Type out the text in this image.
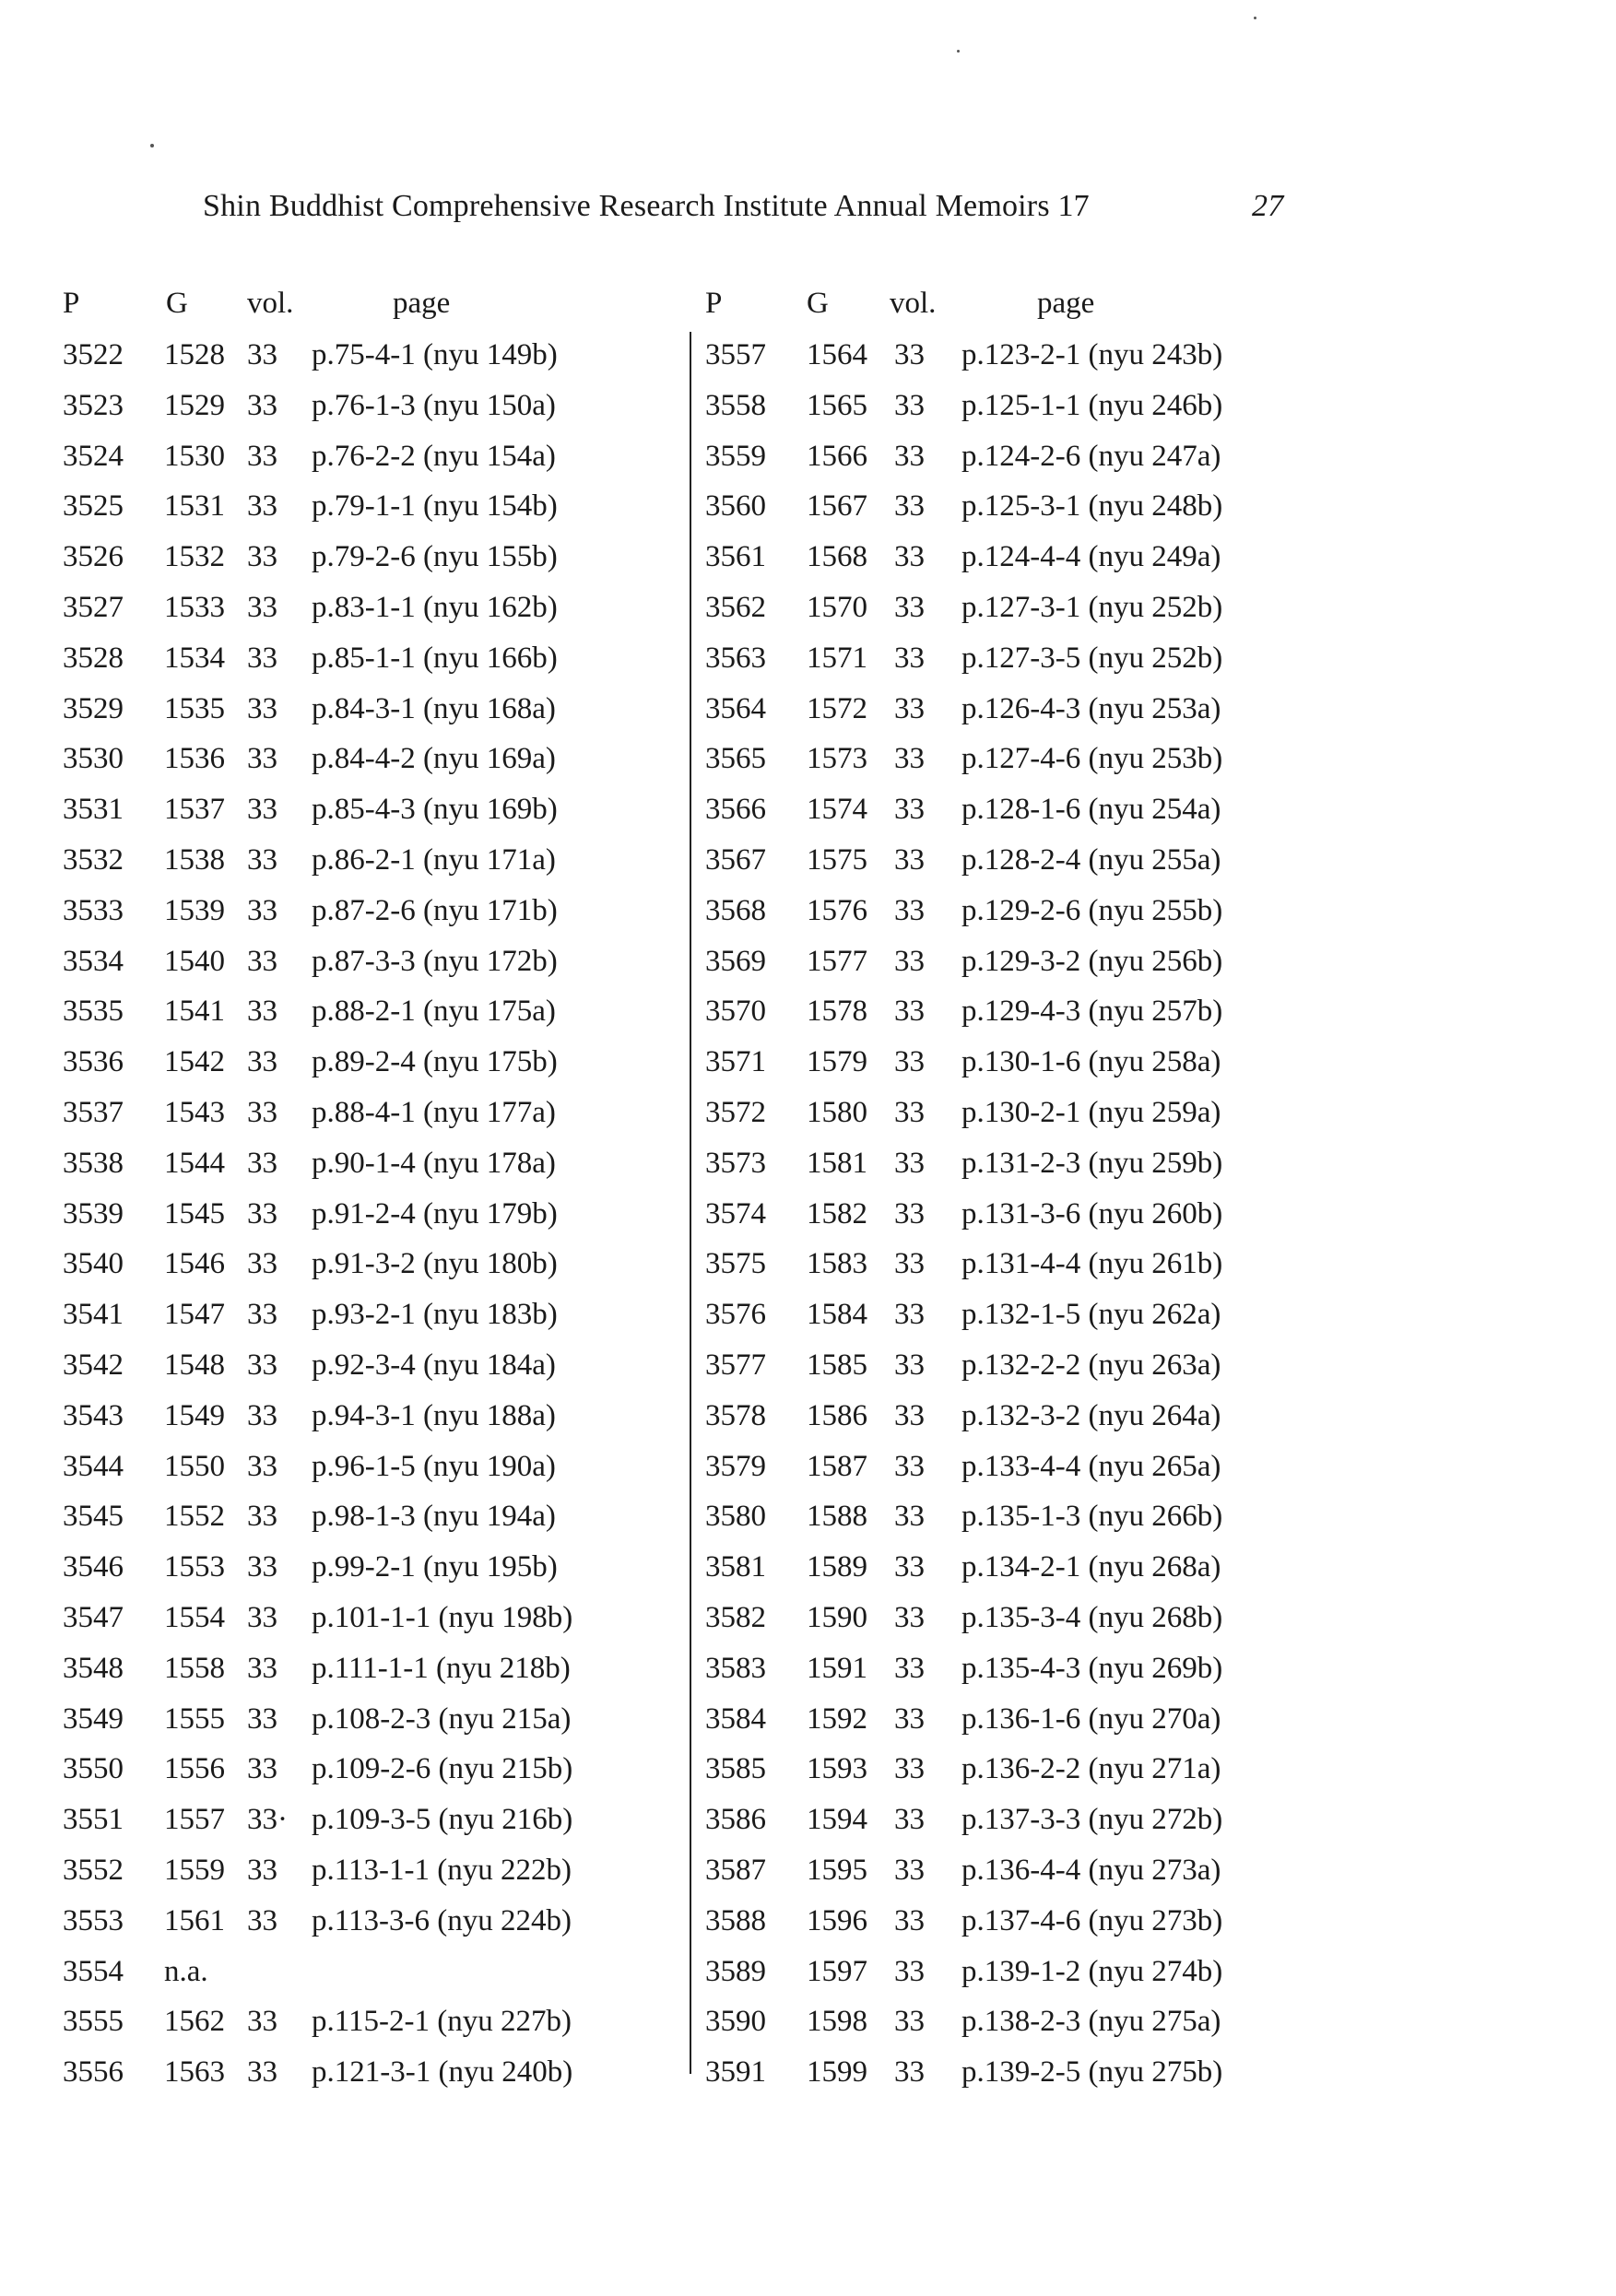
Shin Buddhist Comprehensive Research Institute Annual Memoirs 17	27
P	G vol.	page
3522 1528 33 p.75-4-1 (nyu 149b)
3523 1529 33 p.76-1-3 (nyu 150a)
3524 1530 33 p.76-2-2 (nyu 154a)
3525 1531 33 p.79-1-1 (nyu 154b)
3526 1532 33 p.79-2-6 (nyu 155b)
3527 1533 33 p.83-1-1 (nyu 162b)
3528 1534 33 p.85-1-1 (nyu 166b)
3529 1535 33 p.84-3-1 (nyu 168a)
3530 1536 33 p.84-4-2 (nyu 169a)
3531 1537 33 p.85-4-3 (nyu 169b)
3532 1538 33 p.86-2-1 (nyu 171a)
3533 1539 33 p.87-2-6 (nyu 171b)
3534 1540 33 p.87-3-3 (nyu 172b)
3535 1541 33 p.88-2-1 (nyu 175a)
3536 1542 33 p.89-2-4 (nyu 175b)
3537 1543 33 p.88-4-1 (nyu 177a)
3538 1544 33 p.90-1-4 (nyu 178a)
3539 1545 33 p.91-2-4 (nyu 179b)
3540 1546 33 p.91-3-2 (nyu 180b)
3541 1547 33 p.93-2-1 (nyu 183b)
3542 1548 33 p.92-3-4 (nyu 184a)
3543 1549 33 p.94-3-1 (nyu 188a)
3544 1550 33 p.96-1-5 (nyu 190a)
3545 1552 33 p.98-1-3 (nyu 194a)
3546 1553 33 p.99-2-1 (nyu 195b)
3547 1554 33 p.101-1-1 (nyu 198b)
3548 1558 33 p.111-1-1 (nyu 218b)
3549 1555 33 p.108-2-3 (nyu 215a)
3550 1556 33 p.109-2-6 (nyu 215b)
3551 1557 33· p.109-3-5 (nyu 216b)
3552 1559 33 p.113-1-1 (nyu 222b)
3553 1561 33 p.113-3-6 (nyu 224b)
3554 n.a.
3555 1562 33 p.115-2-1 (nyu 227b)
3556 1563 33 p.121-3-1 (nyu 240b)
P	G vol.	page
3557 1564 33 p.123-2-1 (nyu 243b)
3558 1565 33 p.125-1-1 (nyu 246b)
3559 1566 33 p.124-2-6 (nyu 247a)
3560 1567 33 p.125-3-1 (nyu 248b)
3561 1568 33 p.124-4-4 (nyu 249a)
3562 1570 33 p.127-3-1 (nyu 252b)
3563 1571 33 p.127-3-5 (nyu 252b)
3564 1572 33 p.126-4-3 (nyu 253a)
3565 1573 33 p.127-4-6 (nyu 253b)
3566 1574 33 p.128-1-6 (nyu 254a)
3567 1575 33 p.128-2-4 (nyu 255a)
3568 1576 33 p.129-2-6 (nyu 255b)
3569 1577 33 p.129-3-2 (nyu 256b)
3570 1578 33 p.129-4-3 (nyu 257b)
3571 1579 33 p.130-1-6 (nyu 258a)
3572 1580 33 p.130-2-1 (nyu 259a)
3573 1581 33 p.131-2-3 (nyu 259b)
3574 1582 33 p.131-3-6 (nyu 260b)
3575 1583 33 p.131-4-4 (nyu 261b)
3576 1584 33 p.132-1-5 (nyu 262a)
3577 1585 33 p.132-2-2 (nyu 263a)
3578 1586 33 p.132-3-2 (nyu 264a)
3579 1587 33 p.133-4-4 (nyu 265a)
3580 1588 33 p.135-1-3 (nyu 266b)
3581 1589 33 p.134-2-1 (nyu 268a)
3582 1590 33 p.135-3-4 (nyu 268b)
3583 1591 33 p.135-4-3 (nyu 269b)
3584 1592 33 p.136-1-6 (nyu 270a)
3585 1593 33 p.136-2-2 (nyu 271a)
3586 1594 33 p.137-3-3 (nyu 272b)
3587 1595 33 p.136-4-4 (nyu 273a)
3588 1596 33 p.137-4-6 (nyu 273b)
3589 1597 33 p.139-1-2 (nyu 274b)
3590 1598 33 p.138-2-3 (nyu 275a)
3591 1599 33 p.139-2-5 (nyu 275b)
